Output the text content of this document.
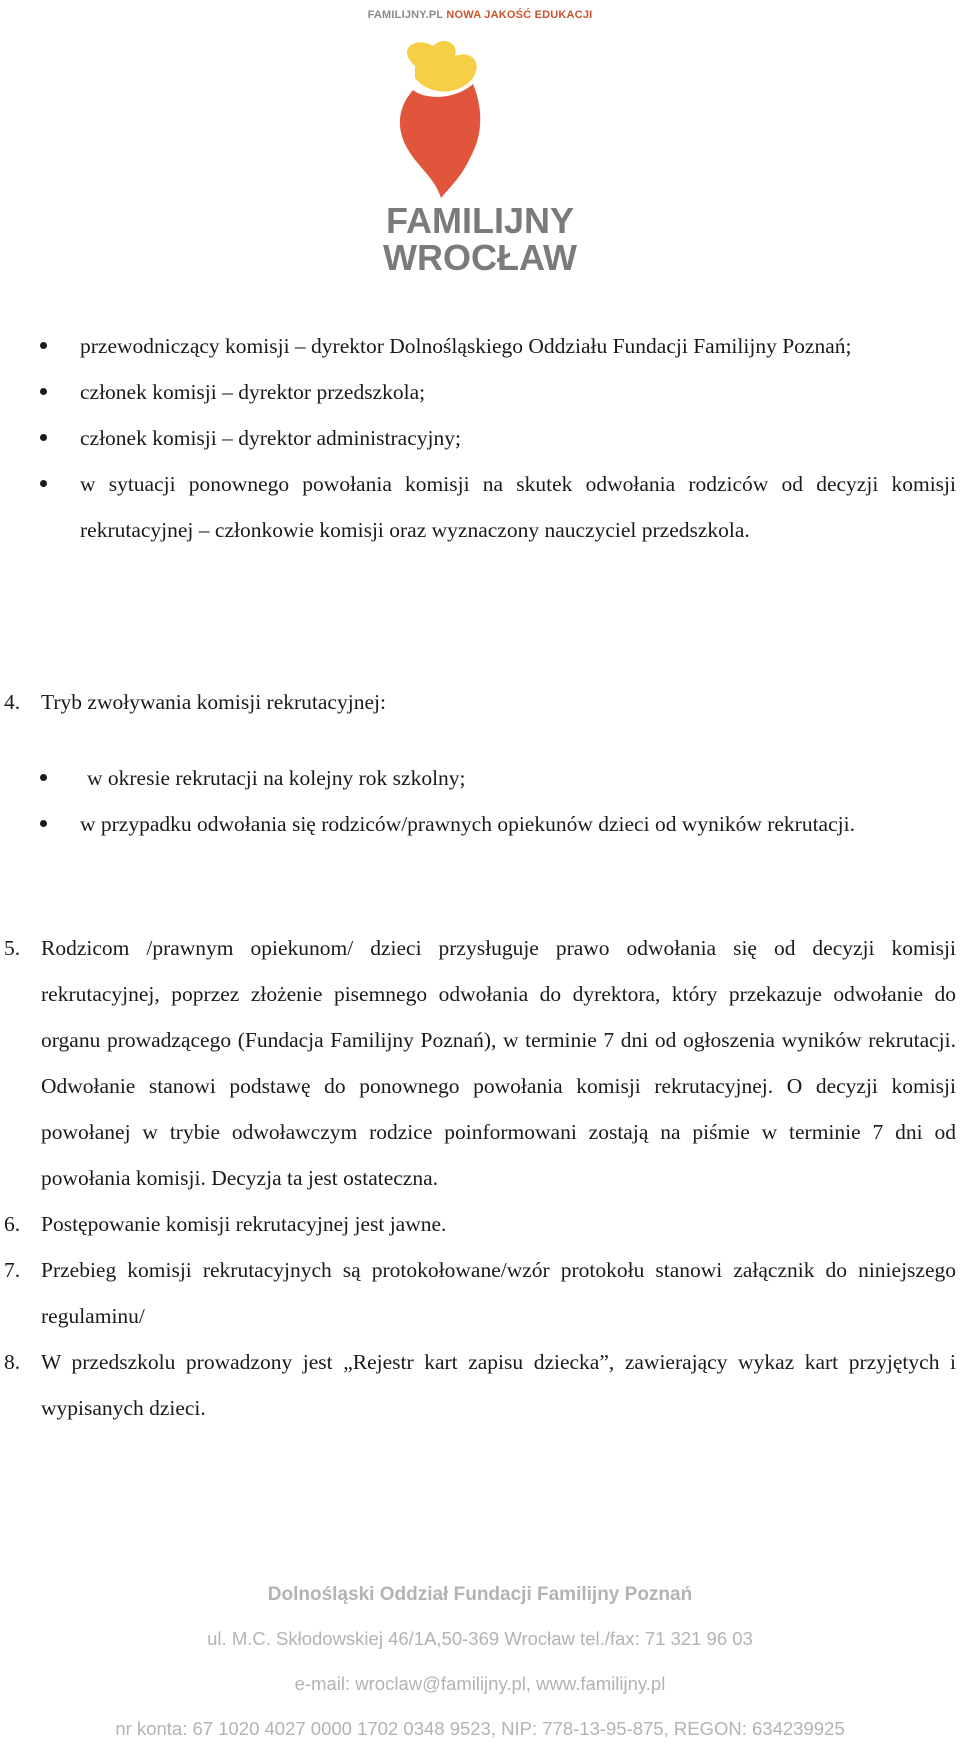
FAMILIJNY.PL NOWA JAKOŚĆ EDUKACJI
FAMILIJNY
WROCŁAW
przewodniczący komisji – dyrektor Dolnośląskiego Oddziału Fundacji Familijny Poznań;
członek komisji – dyrektor przedszkola;
członek komisji – dyrektor administracyjny;
w sytuacji ponownego powołania komisji na skutek odwołania rodziców od decyzji komisji rekrutacyjnej – członkowie komisji oraz wyznaczony nauczyciel przedszkola.
4. Tryb zwoływania komisji rekrutacyjnej:
w okresie rekrutacji na kolejny rok szkolny;
w przypadku odwołania się rodziców/prawnych opiekunów dzieci od wyników rekrutacji.
5. Rodzicom /prawnym opiekunom/ dzieci przysługuje prawo odwołania się od decyzji komisji rekrutacyjnej, poprzez złożenie pisemnego odwołania do dyrektora, który przekazuje odwołanie do organu prowadzącego (Fundacja Familijny Poznań), w terminie 7 dni od ogłoszenia wyników rekrutacji. Odwołanie stanowi podstawę do ponownego powołania komisji rekrutacyjnej. O decyzji komisji powołanej w trybie odwoławczym rodzice poinformowani zostają na piśmie w terminie 7 dni od powołania komisji. Decyzja ta jest ostateczna.
6. Postępowanie komisji rekrutacyjnej jest jawne.
7. Przebieg komisji rekrutacyjnych są protokołowane/wzór protokołu stanowi załącznik do niniejszego regulaminu/
8. W przedszkolu prowadzony jest „Rejestr kart zapisu dziecka”, zawierający wykaz kart przyjętych i wypisanych dzieci.
Dolnośląski Oddział Fundacji Familijny Poznań
ul. M.C. Skłodowskiej 46/1A,50-369 Wrocław tel./fax: 71 321 96 03
e-mail: wroclaw@familijny.pl, www.familijny.pl
nr konta: 67 1020 4027 0000 1702 0348 9523, NIP: 778-13-95-875, REGON: 634239925
